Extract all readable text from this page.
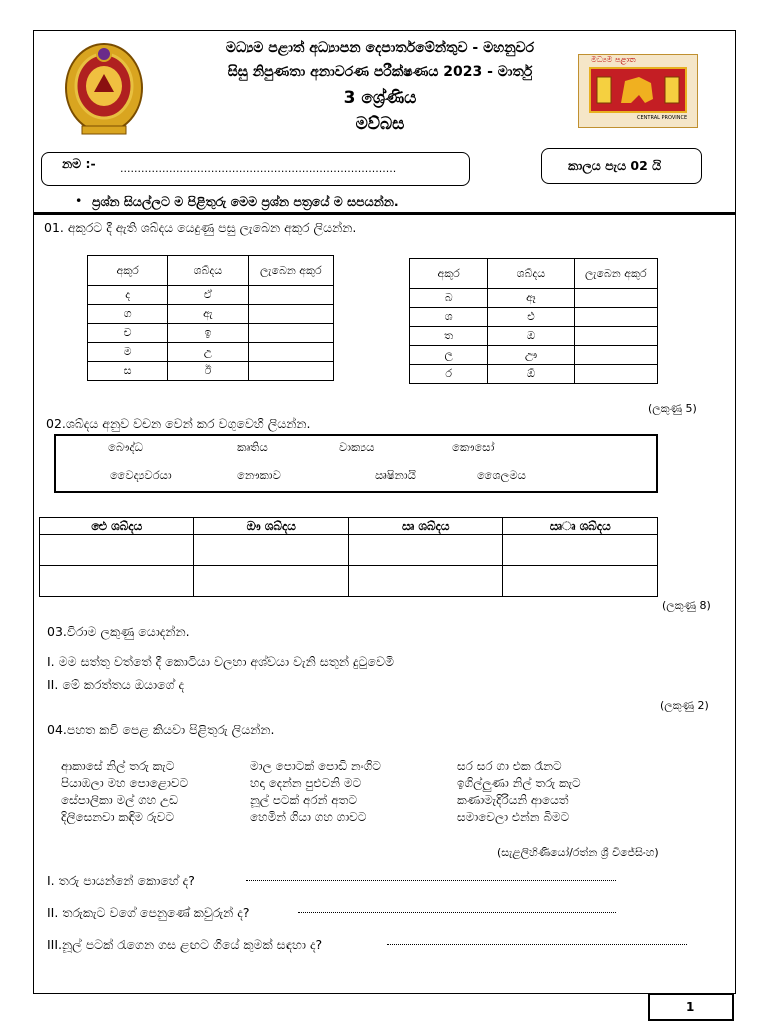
මධ්‍යම පළාත් අධ්‍යාපන දෙපාර්තමේන්තුව - මහනුවර
සිසු නිපුණතා අනාවරණ පරීක්ෂණය 2023 - මාර්තු
3 ශ්‍රේණිය
මව්බස
මධ්‍යම පළාත
CENTRAL PROVINCE
නම :- ...............................................................................	කාලය පැය 02 යි
• ප්‍රශ්න සියල්ලට ම පිළිතුරු මෙම ප්‍රශ්න පත්‍රයේ ම සපයන්න.
01. අකුරට දී ඇති ශබ්දය යෙදුණු පසු ලැබෙන අකුර ලියන්න.
අකුර	ශබ්දය	ලැබෙන අකුර
ද	ඒ	
ග	ඇ	
ච	ඉ	
ම	උ	
ස	ඊ	
අකුර	ශබ්දය	ලැබෙන අකුර
බ	ඈ	
ශ	එ	
ත	ඔ	
ල	ඌ	
ර	ඕ	
(ලකුණු 5)
02.ශබ්දය අනුව වචන වෙන් කර වගුවෙහි ලියන්න.
බෞද්ධ	කෘතිය	වාක්‍යය	කෞසෝ
වෛද්‍යවරයා	නෞකාව	ඍෂිනායි	ශෛලමය
ඓ ශබ්දය	ඖ ශබ්දය	ඍ ශබ්දය	ඍෘ ශබ්දය

(ලකුණු 8)
03.විරාම ලකුණු යොදන්න.
I. මම සත්තු වත්තේ දී කොටියා වලහා අශ්වයා වැනි සතුන් දුටුවෙමි
II. මේ කරත්තය ඔයාගේ ද
(ලකුණු 2)
04.පහත කවි පෙළ කියවා පිළිතුරු ලියන්න.
ආකාසේ නිල් තරු කැට
පියාඹලා මහ පොළොවට
සේපාලිකා මල් ගහ උඩ
දිලිසෙනවා කඳිම රුවට
මාල පොටක් පොඩි නංගිට
හදා දෙන්න පුළුවනි මට
නූල් පටක් අරන් අතට
හෙමින් ගියා ගහ ගාවට
සර සර ගා එක රෑනට
ඉගිල්ලුණා නිල් තරු කැට
කණාමැදිරියනි ආයෙත්
සමාවෙලා එන්න බිමට
(සැළලිහිණියෝ/රත්න ශ්‍රී විජේසිංහ)
I. තරු පායන්නේ කොහේ ද?
II. තරුකැට වගේ පෙනුණේ කවුරුන් ද?
III.නූල් පටක් රැගෙන ගස ළඟට ගියේ කුමක් සඳහා ද?
1
